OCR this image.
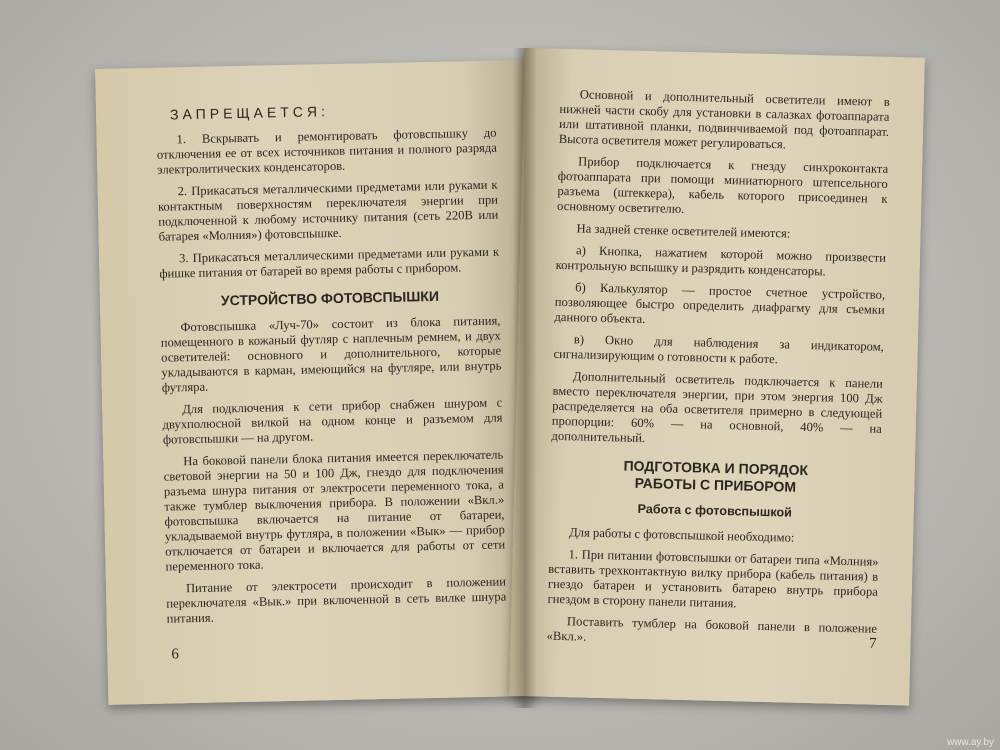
ЗАПРЕЩАЕТСЯ:

1. Вскрывать и ремонтировать фотовспышку до отключения ее от всех источников питания и полного разряда электролитических конденсаторов.

2. Прикасаться металлическими предметами или руками к контактным поверхностям переключателя энергии при подключенной к любому источнику питания (сеть 220В или батарея «Молния») фотовспышке.

3. Прикасаться металлическими предметами или руками к фишке питания от батарей во время работы с прибором.

УСТРОЙСТВО ФОТОВСПЫШКИ

Фотовспышка «Луч-70» состоит из блока питания, помещенного в кожаный футляр с наплечным ремнем, и двух осветителей: основного и дополнительного, которые укладываются в карман, имеющийся на футляре, или внутрь футляра.

Для подключения к сети прибор снабжен шнуром с двухполюсной вилкой на одном конце и разъемом для фотовспышки — на другом.

На боковой панели блока питания имеется переключатель световой энергии на 50 и 100 Дж, гнездо для подключения разъема шнура питания от электросети переменного тока, а также тумблер выключения прибора. В положении «Вкл.» фотовспышка включается на питание от батареи, укладываемой внутрь футляра, в положении «Вык» — прибор отключается от батареи и включается для работы от сети переменного тока.

Питание от электросети происходит в положении переключателя «Вык.» при включенной в сеть вилке шнура питания.

6

Основной и дополнительный осветители имеют в нижней части скобу для установки в салазках фотоаппарата или штативной планки, подвинчиваемой под фотоаппарат. Высота осветителя может регулироваться.

Прибор подключается к гнезду синхроконтакта фотоаппарата при помощи миниатюрного штепсельного разъема (штеккера), кабель которого присоединен к основному осветителю.

На задней стенке осветителей имеются:

а) Кнопка, нажатием которой можно произвести контрольную вспышку и разрядить конденсаторы.

б) Калькулятор — простое счетное устройство, позволяющее быстро определить диафрагму для съемки данного объекта.

в) Окно для наблюдения за индикатором, сигнализирующим о готовности к работе.

Дополнительный осветитель подключается к панели вместо переключателя энергии, при этом энергия 100 Дж распределяется на оба осветителя примерно в следующей пропорции: 60% — на основной, 40% — на дополнительный.

ПОДГОТОВКА И ПОРЯДОК
РАБОТЫ С ПРИБОРОМ
Работа с фотовспышкой

Для работы с фотовспышкой необходимо:

1. При питании фотовспышки от батареи типа «Молния» вставить трехконтактную вилку прибора (кабель питания) в гнездо батареи и установить батарею внутрь прибора гнездом в сторону панели питания.

Поставить тумблер на боковой панели в положение «Вкл.».	7
www.ay.by
